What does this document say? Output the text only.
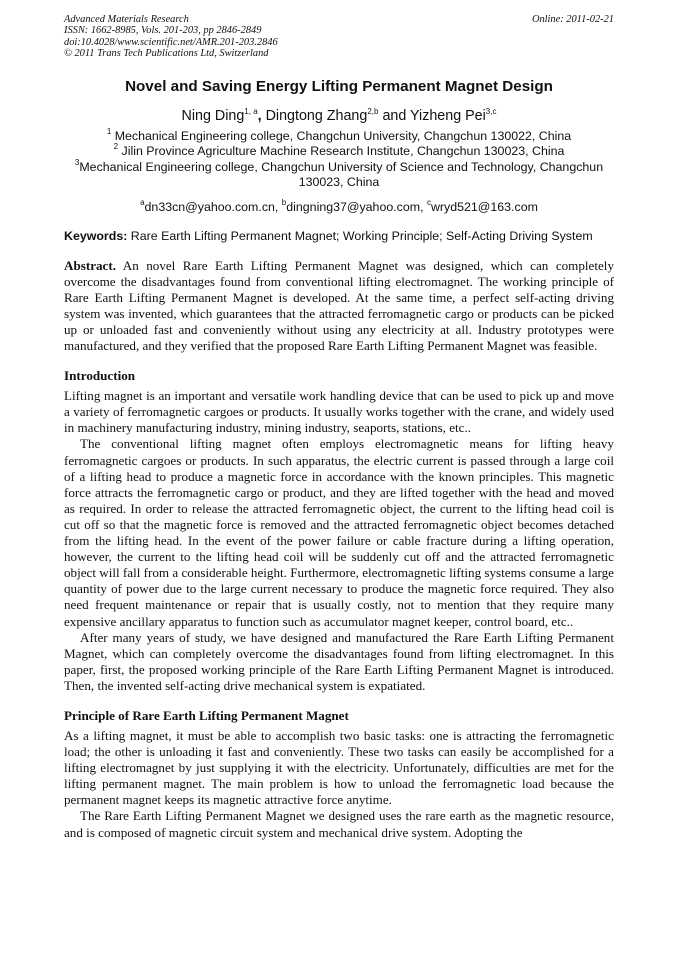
Advanced Materials Research
ISSN: 1662-8985, Vols. 201-203, pp 2846-2849
doi:10.4028/www.scientific.net/AMR.201-203.2846
© 2011 Trans Tech Publications Ltd, Switzerland
Online: 2011-02-21
Novel and Saving Energy Lifting Permanent Magnet Design
Ning Ding$^{1, a}$, Dingtong Zhang$^{2,b}$ and Yizheng Pei$^{3,c}$
$^1$ Mechanical Engineering college, Changchun University, Changchun 130022, China
$^2$ Jilin Province Agriculture Machine Research Institute, Changchun 130023, China
$^3$Mechanical Engineering college, Changchun University of Science and Technology, Changchun 130023, China
$^a$dn33cn@yahoo.com.cn, $^b$dingning37@yahoo.com, $^c$wryd521@163.com
Keywords: Rare Earth Lifting Permanent Magnet; Working Principle; Self-Acting Driving System

Abstract. An novel Rare Earth Lifting Permanent Magnet was designed, which can completely overcome the disadvantages found from conventional lifting electromagnet. The working principle of Rare Earth Lifting Permanent Magnet is developed. At the same time, a perfect self-acting driving system was invented, which guarantees that the attracted ferromagnetic cargo or products can be picked up or unloaded fast and conveniently without using any electricity at all. Industry prototypes were manufactured, and they verified that the proposed Rare Earth Lifting Permanent Magnet was feasible.

Introduction

Lifting magnet is an important and versatile work handling device that can be used to pick up and move a variety of ferromagnetic cargoes or products. It usually works together with the crane, and widely used in machinery manufacturing industry, mining industry, seaports, stations, etc..

The conventional lifting magnet often employs electromagnetic means for lifting heavy ferromagnetic cargoes or products. In such apparatus, the electric current is passed through a large coil of a lifting head to produce a magnetic force in accordance with the known principles. This magnetic force attracts the ferromagnetic cargo or product, and they are lifted together with the head and moved as required. In order to release the attracted ferromagnetic object, the current to the lifting head coil is cut off so that the magnetic force is removed and the attracted ferromagnetic object becomes detached from the lifting head. In the event of the power failure or cable fracture during a lifting operation, however, the current to the lifting head coil will be suddenly cut off and the attracted ferromagnetic object will fall from a considerable height. Furthermore, electromagnetic lifting systems consume a large quantity of power due to the large current necessary to produce the magnetic force required. They also need frequent maintenance or repair that is usually costly, not to mention that they require many expensive ancillary apparatus to function such as accumulator magnet keeper, control board, etc..

After many years of study, we have designed and manufactured the Rare Earth Lifting Permanent Magnet, which can completely overcome the disadvantages found from lifting electromagnet. In this paper, first, the proposed working principle of the Rare Earth Lifting Permanent Magnet is introduced. Then, the invented self-acting drive mechanical system is expatiated.

Principle of Rare Earth Lifting Permanent Magnet

As a lifting magnet, it must be able to accomplish two basic tasks: one is attracting the ferromagnetic load; the other is unloading it fast and conveniently. These two tasks can easily be accomplished for a lifting electromagnet by just supplying it with the electricity. Unfortunately, difficulties are met for the lifting permanent magnet. The main problem is how to unload the ferromagnetic load because the permanent magnet keeps its magnetic attractive force anytime.

The Rare Earth Lifting Permanent Magnet we designed uses the rare earth as the magnetic resource, and is composed of magnetic circuit system and mechanical drive system. Adopting the
